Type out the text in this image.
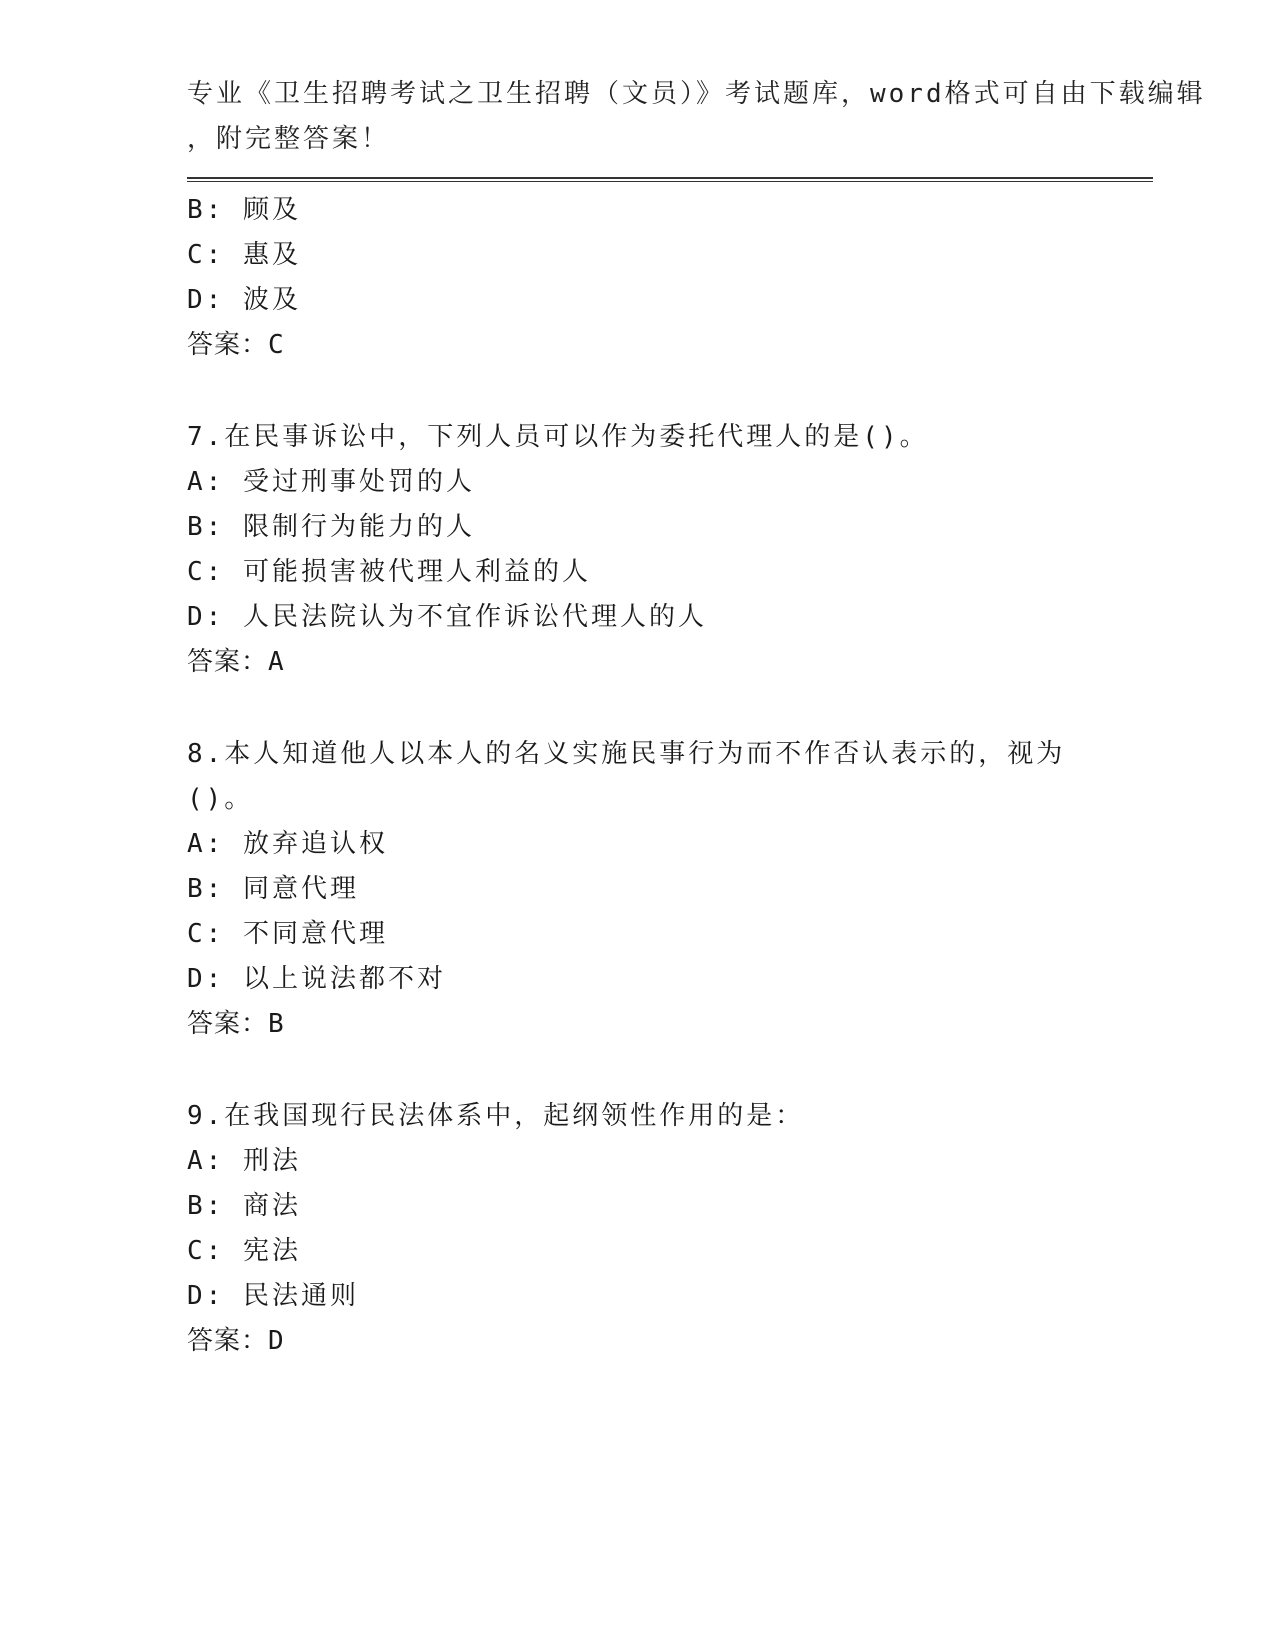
专业《卫生招聘考试之卫生招聘（文员）》考试题库，word格式可自由下载编辑
，附完整答案！
B: 顾及
C: 惠及
D: 波及
答案：C
7.在民事诉讼中，下列人员可以作为委托代理人的是()。
A: 受过刑事处罚的人
B: 限制行为能力的人
C: 可能损害被代理人利益的人
D: 人民法院认为不宜作诉讼代理人的人
答案：A
8.本人知道他人以本人的名义实施民事行为而不作否认表示的，视为
()。
A: 放弃追认权
B: 同意代理
C: 不同意代理
D: 以上说法都不对
答案：B
9.在我国现行民法体系中，起纲领性作用的是：
A: 刑法
B: 商法
C: 宪法
D: 民法通则
答案：D
